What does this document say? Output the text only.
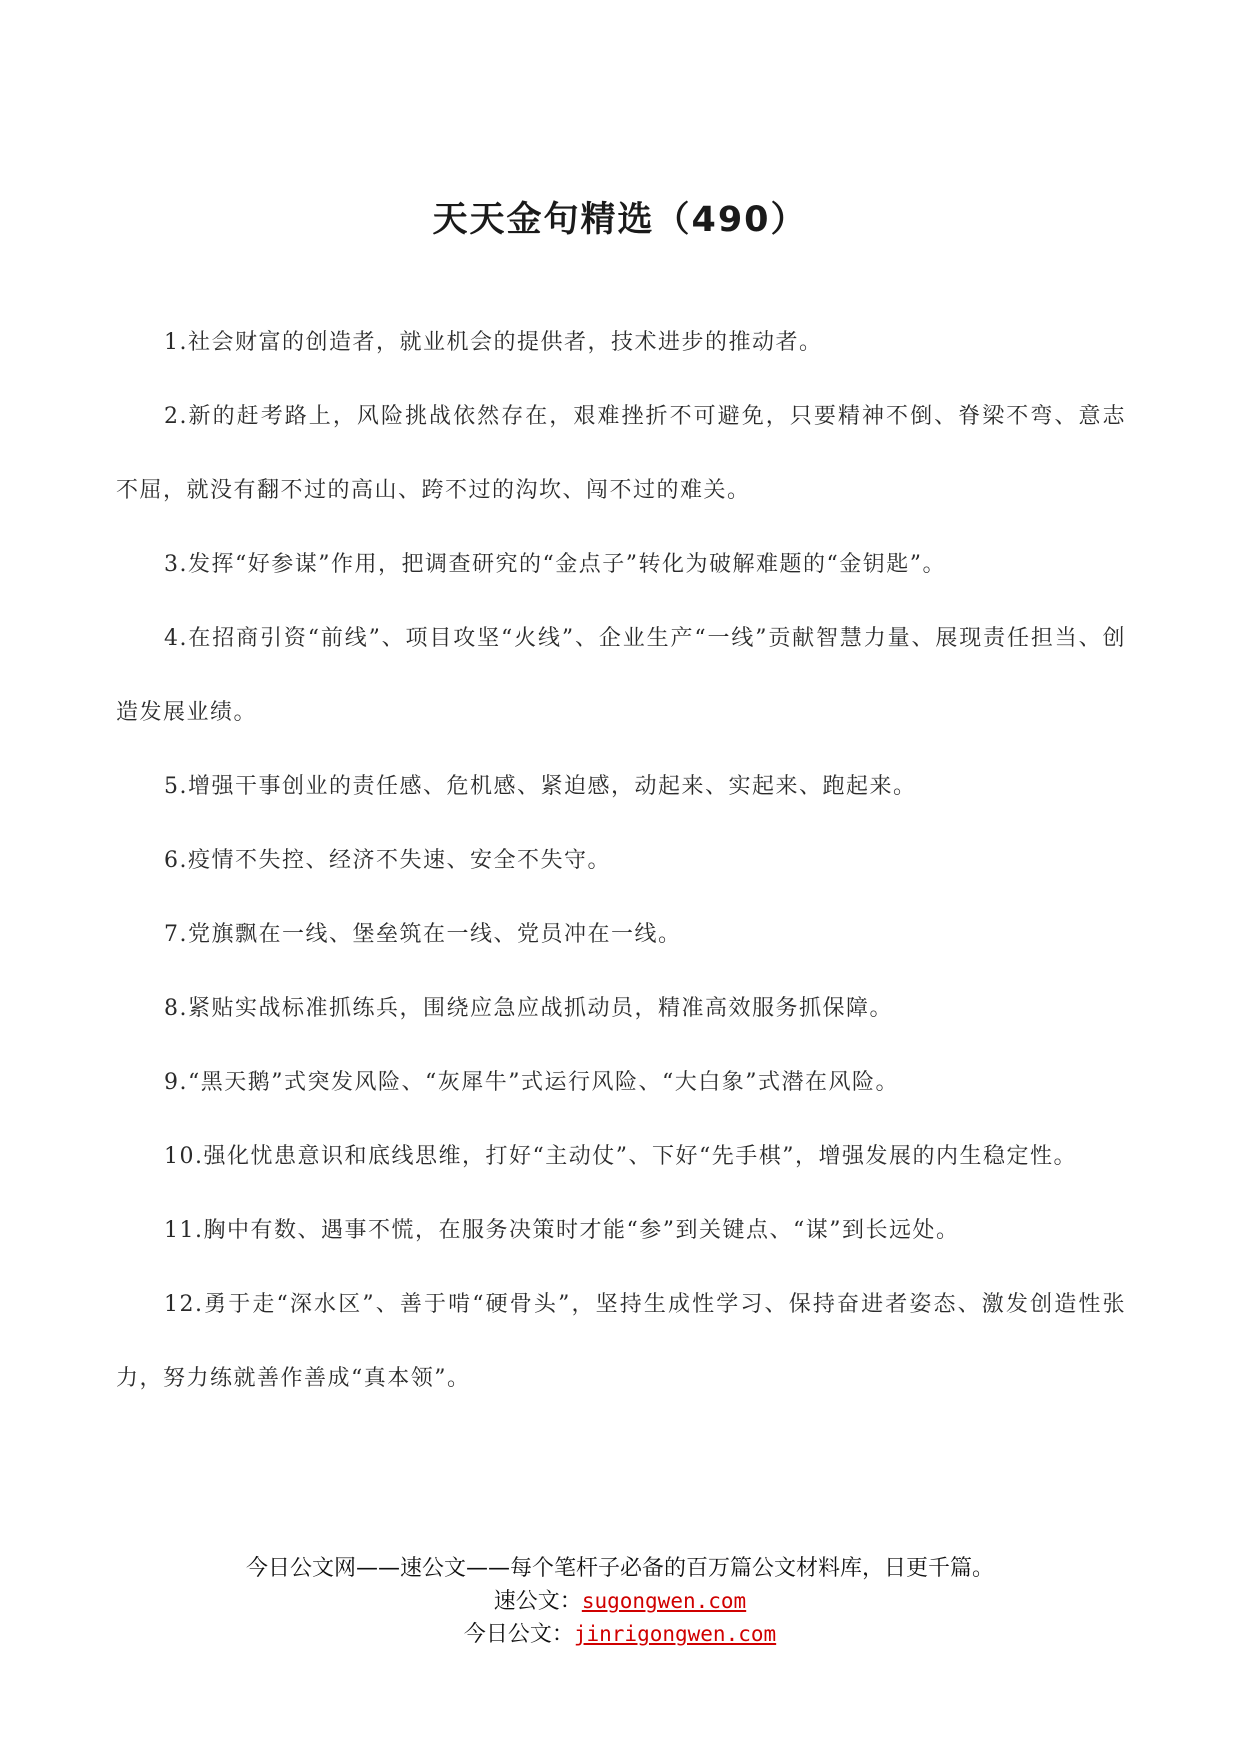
天天金句精选（490）

1.社会财富的创造者，就业机会的提供者，技术进步的推动者。

2.新的赶考路上，风险挑战依然存在，艰难挫折不可避免，只要精神不倒、脊梁不弯、意志不屈，就没有翻不过的高山、跨不过的沟坎、闯不过的难关。

3.发挥“好参谋”作用，把调查研究的“金点子”转化为破解难题的“金钥匙”。

4.在招商引资“前线”、项目攻坚“火线”、企业生产“一线”贡献智慧力量、展现责任担当、创造发展业绩。

5.增强干事创业的责任感、危机感、紧迫感，动起来、实起来、跑起来。

6.疫情不失控、经济不失速、安全不失守。

7.党旗飘在一线、堡垒筑在一线、党员冲在一线。

8.紧贴实战标准抓练兵，围绕应急应战抓动员，精准高效服务抓保障。

9.“黑天鹅”式突发风险、“灰犀牛”式运行风险、“大白象”式潜在风险。

10.强化忧患意识和底线思维，打好“主动仗”、下好“先手棋”，增强发展的内生稳定性。

11.胸中有数、遇事不慌，在服务决策时才能“参”到关键点、“谋”到长远处。

12.勇于走“深水区”、善于啃“硬骨头”，坚持生成性学习、保持奋进者姿态、激发创造性张力，努力练就善作善成“真本领”。

今日公文网——速公文——每个笔杆子必备的百万篇公文材料库，日更千篇。
速公文：sugongwen.com
今日公文：jinrigongwen.com
